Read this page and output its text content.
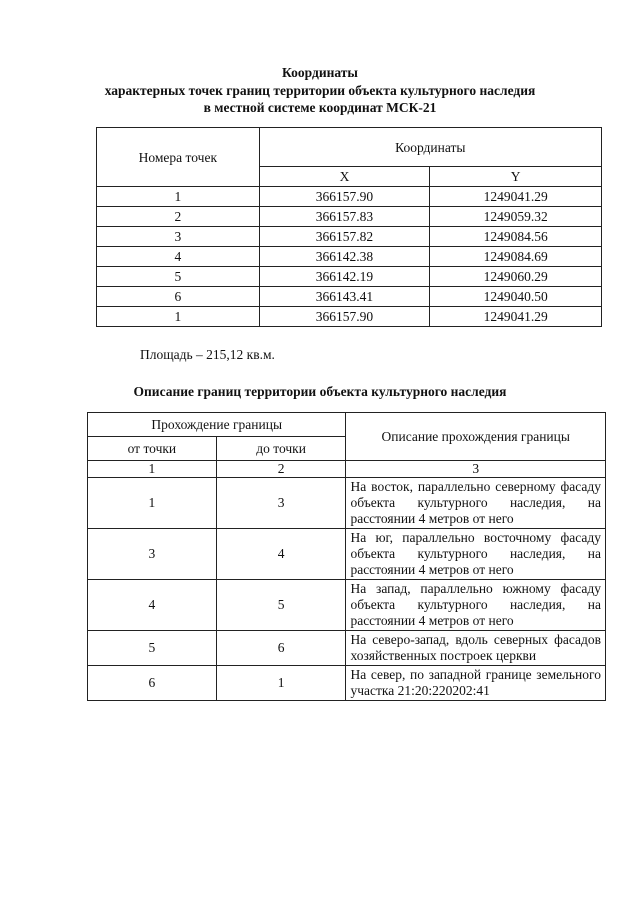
Координаты
характерных точек границ территории объекта культурного наследия
в местной системе координат МСК-21
Номера точек	Координаты	
	X	Y
1	366157.90	1249041.29
2	366157.83	1249059.32
3	366157.82	1249084.56
4	366142.38	1249084.69
5	366142.19	1249060.29
6	366143.41	1249040.50
1	366157.90	1249041.29
Площадь – 215,12 кв.м.
Описание границ территории объекта культурного наследия
Прохождение границы		Описание прохождения границы
от точки	до точки	
1	2	3
1	3	На восток, параллельно северному фасаду объекта культурного наследия, на расстоянии 4 метров от него
3	4	На юг, параллельно восточному фасаду объекта культурного наследия, на расстоянии 4 метров от него
4	5	На запад, параллельно южному фасаду объекта культурного наследия, на расстоянии 4 метров от него
5	6	На северо-запад, вдоль северных фасадов хозяйственных построек церкви
6	1	На север, по западной границе земельного участка 21:20:220202:41
